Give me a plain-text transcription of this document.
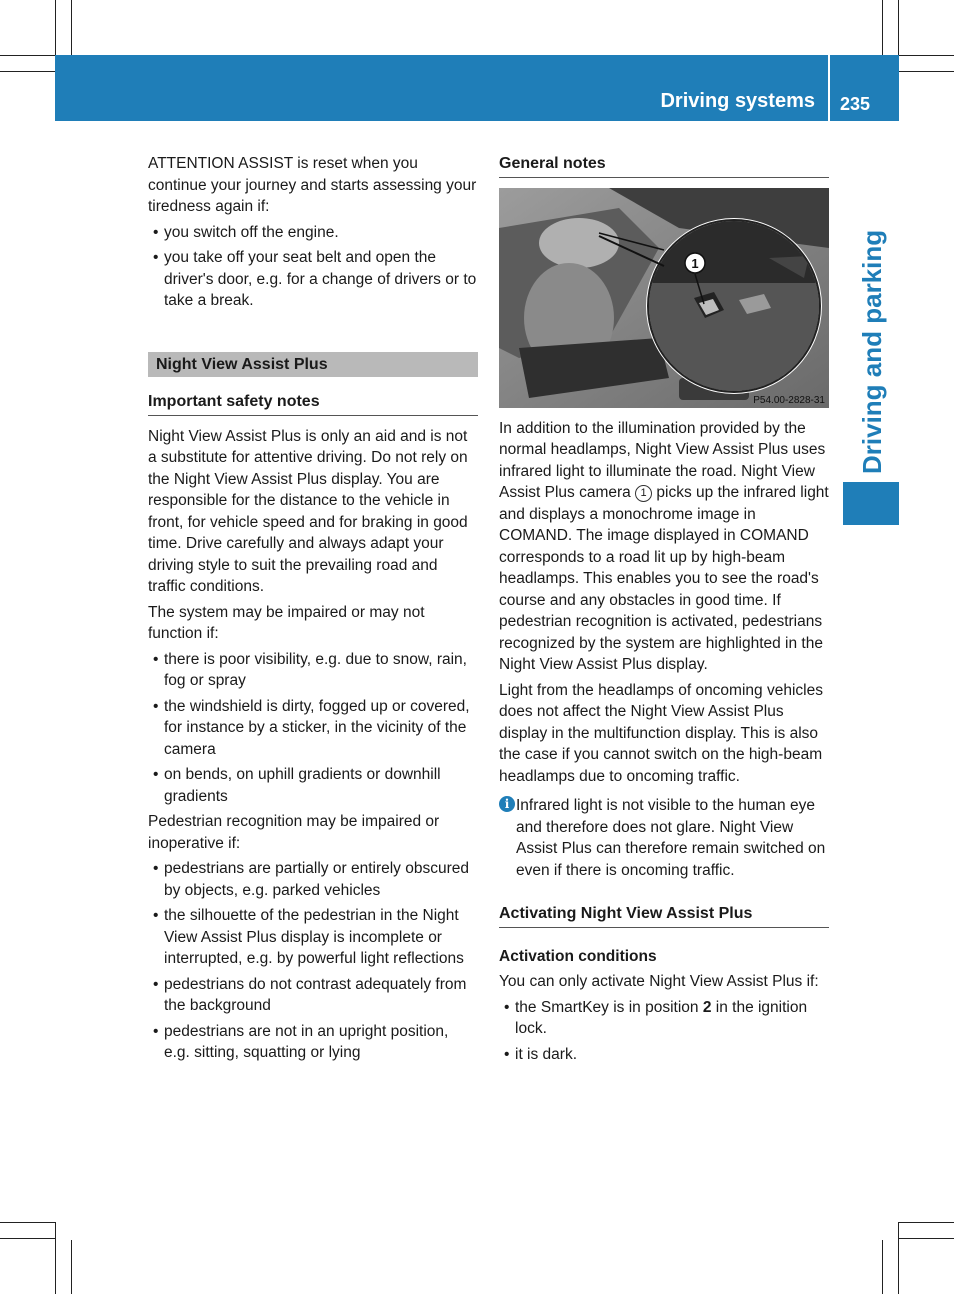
Driving systems 235
Driving and parking

ATTENTION ASSIST is reset when you continue your journey and starts assessing your tiredness again if:

• you switch off the engine.
• you take off your seat belt and open the driver's door, e.g. for a change of drivers or to take a break.
Night View Assist Plus
Important safety notes

Night View Assist Plus is only an aid and is not a substitute for attentive driving. Do not rely on the Night View Assist Plus display. You are responsible for the distance to the vehicle in front, for vehicle speed and for braking in good time. Drive carefully and always adapt your driving style to suit the prevailing road and traffic conditions.

The system may be impaired or may not function if:

• there is poor visibility, e.g. due to snow, rain, fog or spray
• the windshield is dirty, fogged up or covered, for instance by a sticker, in the vicinity of the camera
• on bends, on uphill gradients or downhill gradients

Pedestrian recognition may be impaired or inoperative if:

• pedestrians are partially or entirely obscured by objects, e.g. parked vehicles
• the silhouette of the pedestrian in the Night View Assist Plus display is incomplete or interrupted, e.g. by powerful light reflections
• pedestrians do not contrast adequately from the background
• pedestrians are not in an upright position, e.g. sitting, squatting or lying
General notes
1
P54.00-2828-31

In addition to the illumination provided by the normal headlamps, Night View Assist Plus uses infrared light to illuminate the road. Night View Assist Plus camera 1 picks up the infrared light and displays a monochrome image in COMAND. The image displayed in COMAND corresponds to a road lit up by high-beam headlamps. This enables you to see the road's course and any obstacles in good time. If pedestrian recognition is activated, pedestrians recognized by the system are highlighted in the Night View Assist Plus display.

Light from the headlamps of oncoming vehicles does not affect the Night View Assist Plus display in the multifunction display. This is also the case if you cannot switch on the high-beam headlamps due to oncoming traffic.

i Infrared light is not visible to the human eye and therefore does not glare. Night View Assist Plus can therefore remain switched on even if there is oncoming traffic.
Activating Night View Assist Plus
Activation conditions

You can only activate Night View Assist Plus if:

• the SmartKey is in position 2 in the ignition lock.
• it is dark.
